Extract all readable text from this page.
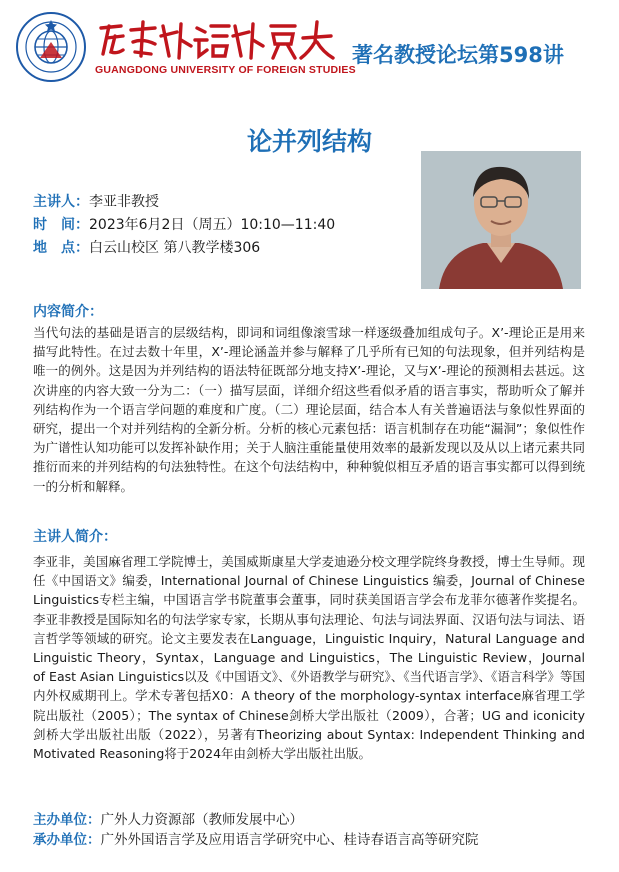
GUANGDONG UNIVERSITY OF FOREIGN STUDIES
著名教授论坛第598讲
论并列结构
主讲人：李亚非教授
时　间：2023年6月2日（周五）10:10—11:40
地　点：白云山校区 第八教学楼306
内容简介：
当代句法的基础是语言的层级结构，即词和词组像滚雪球一样逐级叠加组成句子。X’-理论正是用来描写此特性。在过去数十年里，X’-理论涵盖并参与解释了几乎所有已知的句法现象，但并列结构是唯一的例外。这是因为并列结构的语法特征既部分地支持X’-理论，又与X’-理论的预测相去甚远。这次讲座的内容大致一分为二：（一）描写层面，详细介绍这些看似矛盾的语言事实，帮助听众了解并列结构作为一个语言学问题的难度和广度。（二）理论层面，结合本人有关普遍语法与象似性界面的研究，提出一个对并列结构的全新分析。分析的核心元素包括：语言机制存在功能“漏洞”；象似性作为广谱性认知功能可以发挥补缺作用；关于人脑注重能量使用效率的最新发现以及从以上诸元素共同推衍而来的并列结构的句法独特性。在这个句法结构中，种种貌似相互矛盾的语言事实都可以得到统一的分析和解释。
主讲人简介：
李亚非，美国麻省理工学院博士，美国威斯康星大学麦迪逊分校文理学院终身教授，博士生导师。现任《中国语文》编委，International Journal of Chinese Linguistics 编委，Journal of Chinese Linguistics专栏主编，中国语言学书院董事会董事，同时获美国语言学会布龙菲尔德著作奖提名。李亚非教授是国际知名的句法学家专家，长期从事句法理论、句法与词法界面、汉语句法与词法、语言哲学等领域的研究。论文主要发表在Language，Linguistic Inquiry，Natural Language and Linguistic Theory，Syntax，Language and Linguistics，The Linguistic Review，Journal of East Asian Linguistics以及《中国语文》、《外语教学与研究》、《当代语言学》、《语言科学》等国内外权威期刊上。学术专著包括X0：A theory of the morphology-syntax interface麻省理工学院出版社（2005）；The syntax of Chinese剑桥大学出版社（2009），合著；UG and iconicity剑桥大学出版社出版（2022），另著有Theorizing about Syntax: Independent Thinking and Motivated Reasoning将于2024年由剑桥大学出版社出版。
主办单位：广外人力资源部（教师发展中心）
承办单位：广外外国语言学及应用语言学研究中心、桂诗春语言高等研究院
